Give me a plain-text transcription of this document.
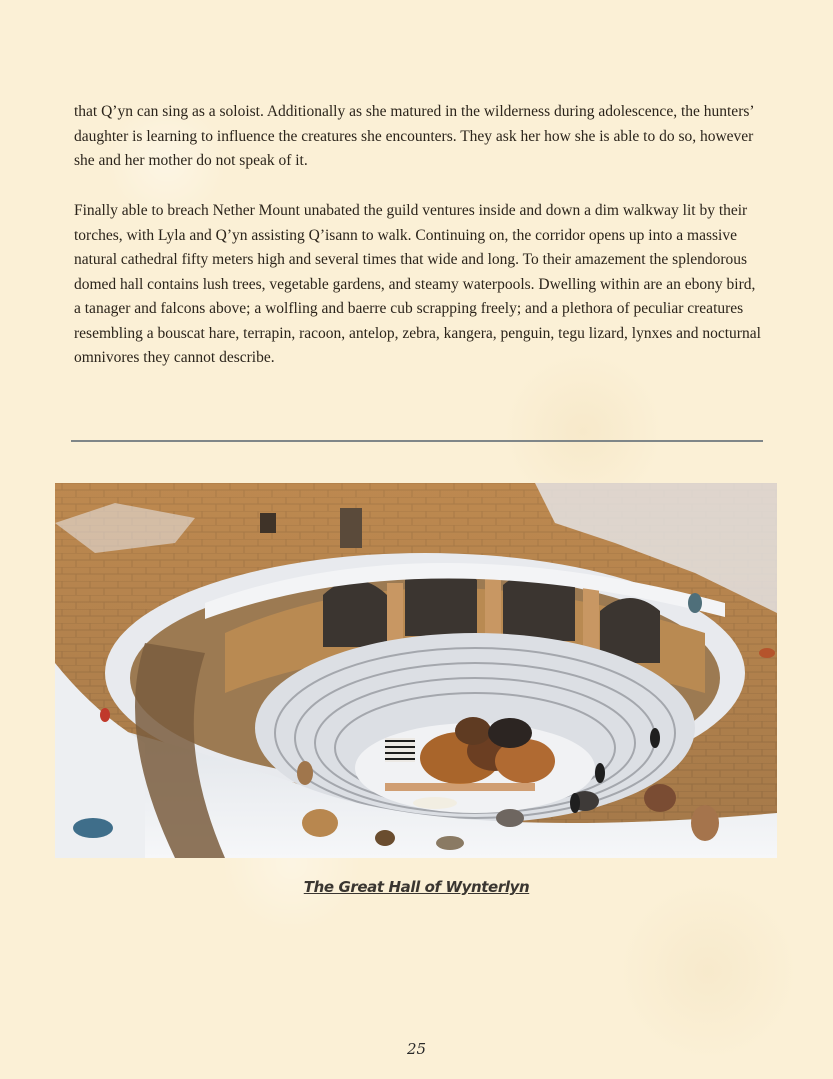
that Q’yn can sing as a soloist. Additionally as she matured in the wilderness during adolescence, the hunters’ daughter is learning to influence the creatures she encounters. They ask her how she is able to do so, however she and her mother do not speak of it.

Finally able to breach Nether Mount unabated the guild ventures inside and down a dim walkway lit by their torches, with Lyla and Q’yn assisting Q’isann to walk. Continuing on, the corridor opens up into a massive natural cathedral fifty meters high and several times that wide and long. To their amazement the splendorous domed hall contains lush trees, vegetable gardens, and steamy waterpools. Dwelling within are an ebony bird, a tanager and falcons above; a wolfling and baerre cub scrapping freely; and a plethora of peculiar creatures resembling a bouscat hare, terrapin, racoon, antelop, zebra, kangera, penguin, tegu lizard, lynxes and nocturnal omnivores they cannot describe.

The Great Hall of Wynterlyn
25
